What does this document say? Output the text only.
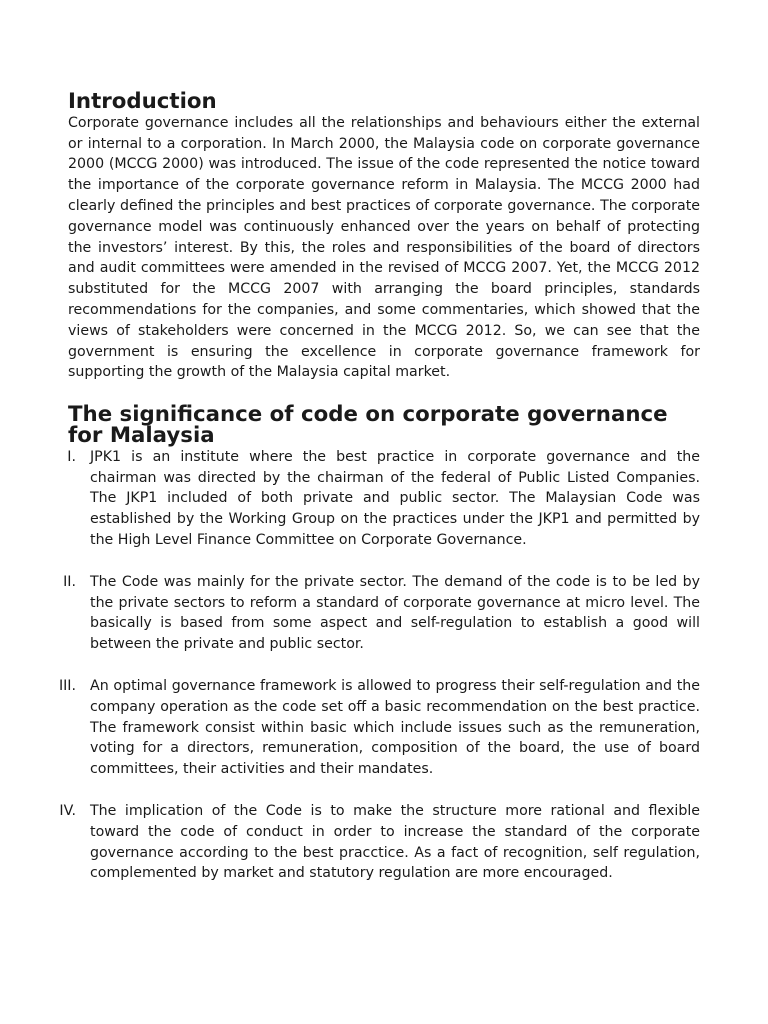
Introduction

Corporate governance includes all the relationships and behaviours either the external or internal to a corporation. In March 2000, the Malaysia code on corporate governance 2000 (MCCG 2000) was introduced. The issue of the code represented the notice toward the importance of the corporate governance reform in Malaysia. The MCCG 2000 had clearly defined the principles and best practices of corporate governance. The corporate governance model was continuously enhanced over the years on behalf of protecting the investors’ interest. By this, the roles and responsibilities of the board of directors and audit committees were amended in the revised of MCCG 2007. Yet, the MCCG 2012 substituted for the MCCG 2007 with arranging the board principles, standards recommendations for the companies, and some commentaries, which showed that the views of stakeholders were concerned in the MCCG 2012. So, we can see that the government is ensuring the excellence in corporate governance framework for supporting the growth of the Malaysia capital market.

The significance of code on corporate governance for Malaysia
I. JPK1 is an institute where the best practice in corporate governance and the chairman was directed by the chairman of the federal of Public Listed Companies. The JKP1 included of both private and public sector. The Malaysian Code was established by the Working Group on the practices under the JKP1 and permitted by the High Level Finance Committee on Corporate Governance.
II. The Code was mainly for the private sector. The demand of the code is to be led by the private sectors to reform a standard of corporate governance at micro level. The basically is based from some aspect and self-regulation to establish a good will between the private and public sector.
III. An optimal governance framework is allowed to progress their self-regulation and the company operation as the code set off a basic recommendation on the best practice. The framework consist within basic which include issues such as the remuneration, voting for a directors, remuneration, composition of the board, the use of board committees, their activities and their mandates.
IV. The implication of the Code is to make the structure more rational and flexible toward the code of conduct in order to increase the standard of the corporate governance according to the best pracctice. As a fact of recognition, self regulation, complemented by market and statutory regulation are more encouraged.
